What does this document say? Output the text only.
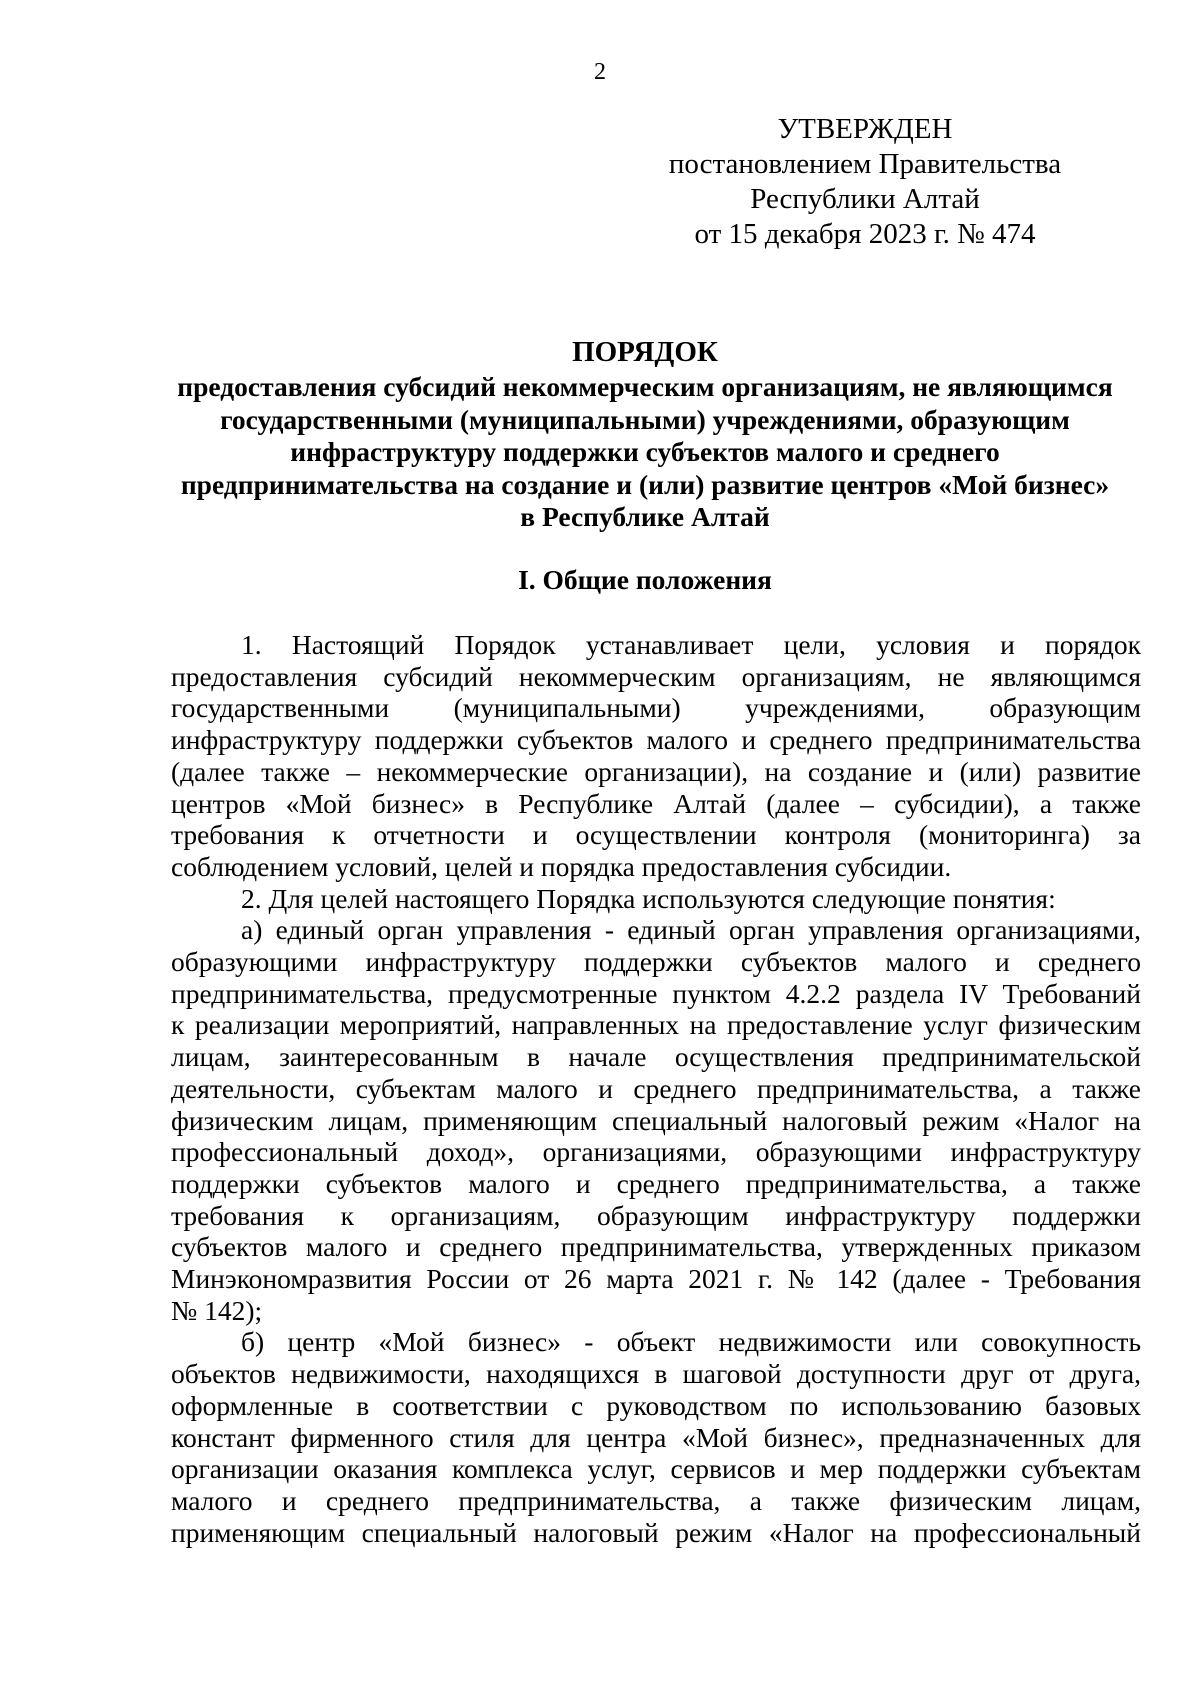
2
УТВЕРЖДЕН
постановлением Правительства
Республики Алтай
от 15 декабря 2023 г. № 474
ПОРЯДОК
предоставления субсидий некоммерческим организациям, не являющимся
государственными (муниципальными) учреждениями, образующим
инфраструктуру поддержки субъектов малого и среднего
предпринимательства на создание и (или) развитие центров «Мой бизнес»
в Республике Алтай
I. Общие положения
1. Настоящий Порядок устанавливает цели, условия и порядок
предоставления субсидий некоммерческим организациям, не являющимся
государственными (муниципальными) учреждениями, образующим
инфраструктуру поддержки субъектов малого и среднего предпринимательства
(далее также – некоммерческие организации), на создание и (или) развитие
центров «Мой бизнес» в Республике Алтай (далее – субсидии), а также
требования к отчетности и осуществлении контроля (мониторинга) за
соблюдением условий, целей и порядка предоставления субсидии.
2. Для целей настоящего Порядка используются следующие понятия:
а) единый орган управления - единый орган управления организациями,
образующими инфраструктуру поддержки субъектов малого и среднего
предпринимательства, предусмотренные пунктом 4.2.2 раздела IV Требований
к реализации мероприятий, направленных на предоставление услуг физическим
лицам, заинтересованным в начале осуществления предпринимательской
деятельности, субъектам малого и среднего предпринимательства, а также
физическим лицам, применяющим специальный налоговый режим «Налог на
профессиональный доход», организациями, образующими инфраструктуру
поддержки субъектов малого и среднего предпринимательства, а также
требования к организациям, образующим инфраструктуру поддержки
субъектов малого и среднего предпринимательства, утвержденных приказом
Минэкономразвития России от 26 марта 2021 г. № 142 (далее - Требования
№ 142);
б) центр «Мой бизнес» - объект недвижимости или совокупность
объектов недвижимости, находящихся в шаговой доступности друг от друга,
оформленные в соответствии с руководством по использованию базовых
констант фирменного стиля для центра «Мой бизнес», предназначенных для
организации оказания комплекса услуг, сервисов и мер поддержки субъектам
малого и среднего предпринимательства, а также физическим лицам,
применяющим специальный налоговый режим «Налог на профессиональный
